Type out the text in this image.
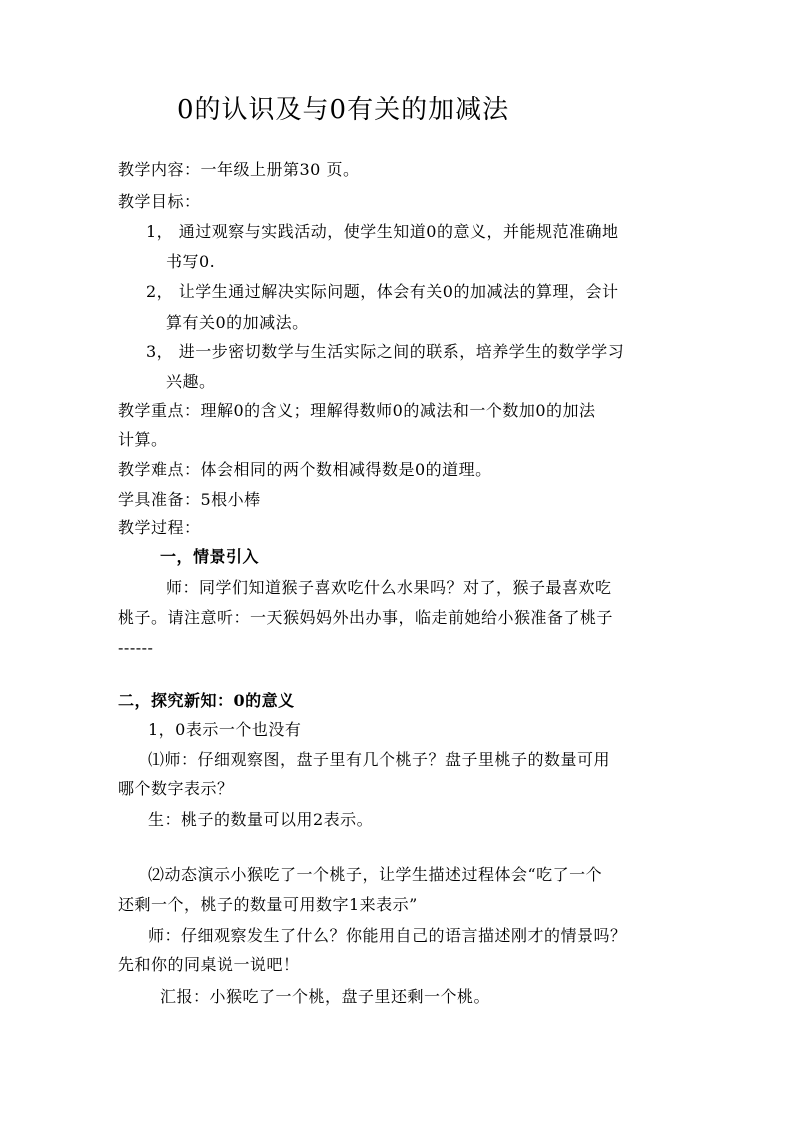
0的认识及与0有关的加减法
教学内容：一年级上册第30 页。
教学目标：
1， 通过观察与实践活动，使学生知道0的意义，并能规范准确地
书写0.
2， 让学生通过解决实际问题，体会有关0的加减法的算理，会计
算有关0的加减法。
3， 进一步密切数学与生活实际之间的联系，培养学生的数学学习
兴趣。
教学重点：理解0的含义；理解得数师0的减法和一个数加0的加法
计算。
教学难点：体会相同的两个数相减得数是0的道理。
学具准备：5根小棒
教学过程：
一，情景引入
师：同学们知道猴子喜欢吃什么水果吗？对了，猴子最喜欢吃
桃子。请注意听：一天猴妈妈外出办事，临走前她给小猴准备了桃子
------
二，探究新知：0的意义
1，0表示一个也没有
⑴师：仔细观察图，盘子里有几个桃子？盘子里桃子的数量可用
哪个数字表示？
生：桃子的数量可以用2表示。
⑵动态演示小猴吃了一个桃子，让学生描述过程体会“吃了一个
还剩一个，桃子的数量可用数字1来表示”
师：仔细观察发生了什么？你能用自己的语言描述刚才的情景吗？
先和你的同桌说一说吧！
汇报：小猴吃了一个桃，盘子里还剩一个桃。
